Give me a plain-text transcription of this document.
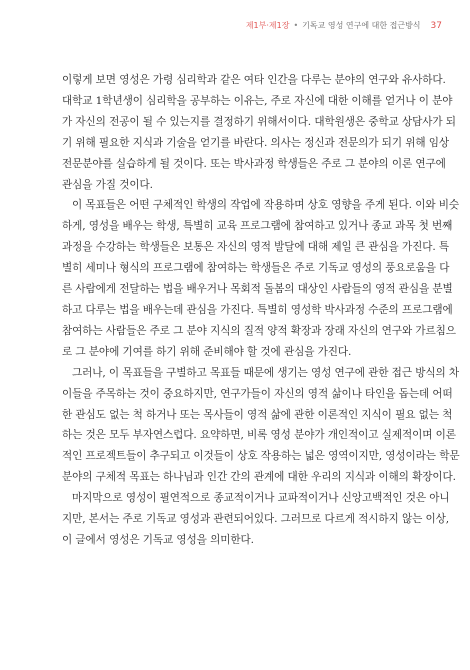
제1부·제1장 • 기독교 영성 연구에 대한 접근방식 37
이렇게 보면 영성은 가령 심리학과 같은 여타 인간을 다루는 분야의 연구와 유사하다.
대학교 1학년생이 심리학을 공부하는 이유는, 주로 자신에 대한 이해를 얻거나 이 분야
가 자신의 전공이 될 수 있는지를 결정하기 위해서이다. 대학원생은 중학교 상담사가 되
기 위해 필요한 지식과 기술을 얻기를 바란다. 의사는 정신과 전문의가 되기 위해 임상
전문분야를 실습하게 될 것이다. 또는 박사과정 학생들은 주로 그 분야의 이론 연구에
관심을 가질 것이다.
이 목표들은 어떤 구체적인 학생의 작업에 작용하며 상호 영향을 주게 된다. 이와 비슷
하게, 영성을 배우는 학생, 특별히 교육 프로그램에 참여하고 있거나 종교 과목 첫 번째
과정을 수강하는 학생들은 보통은 자신의 영적 발달에 대해 제일 큰 관심을 가진다. 특
별히 세미나 형식의 프로그램에 참여하는 학생들은 주로 기독교 영성의 풍요로움을 다
른 사람에게 전달하는 법을 배우거나 목회적 돌봄의 대상인 사람들의 영적 관심을 분별
하고 다루는 법을 배우는데 관심을 가진다. 특별히 영성학 박사과정 수준의 프로그램에
참여하는 사람들은 주로 그 분야 지식의 질적 양적 확장과 장래 자신의 연구와 가르침으
로 그 분야에 기여를 하기 위해 준비해야 할 것에 관심을 가진다.
그러나, 이 목표들을 구별하고 목표들 때문에 생기는 영성 연구에 관한 접근 방식의 차
이들을 주목하는 것이 중요하지만, 연구가들이 자신의 영적 삶이나 타인을 돕는데 어떠
한 관심도 없는 척 하거나 또는 목사들이 영적 삶에 관한 이론적인 지식이 필요 없는 척
하는 것은 모두 부자연스럽다. 요약하면, 비록 영성 분야가 개인적이고 실제적이며 이론
적인 프로젝트들이 추구되고 이것들이 상호 작용하는 넓은 영역이지만, 영성이라는 학문
분야의 구체적 목표는 하나님과 인간 간의 관계에 대한 우리의 지식과 이해의 확장이다.
마지막으로 영성이 필연적으로 종교적이거나 교파적이거나 신앙고백적인 것은 아니
지만, 본서는 주로 기독교 영성과 관련되어있다. 그러므로 다르게 적시하지 않는 이상,
이 글에서 영성은 기독교 영성을 의미한다.
